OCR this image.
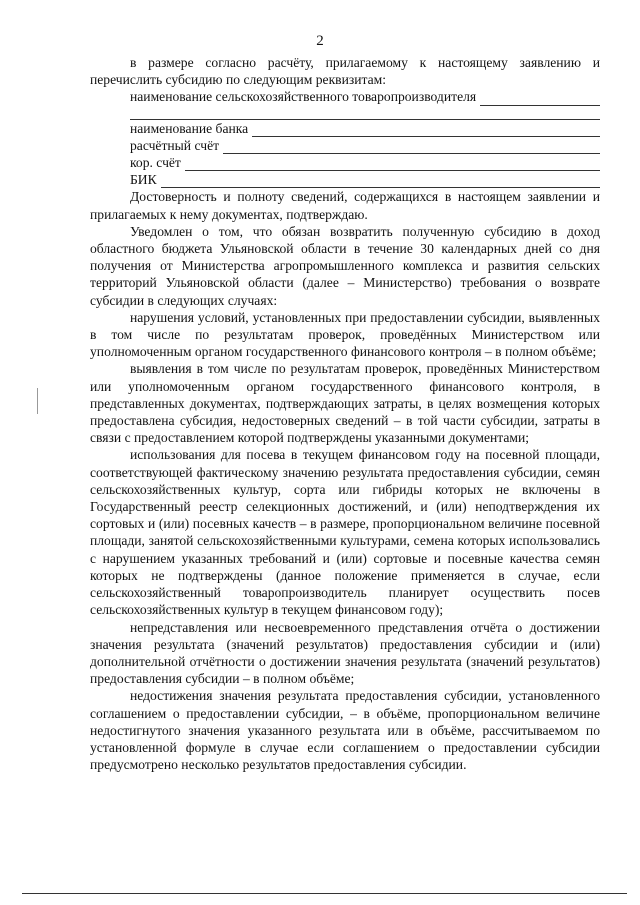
2

в размере согласно расчёту, прилагаемому к настоящему заявлению и перечислить субсидию по следующим реквизитам:

наименование сельскохозяйственного товаропроизводителя
наименование банка
расчётный счёт
кор. счёт
БИК

Достоверность и полноту сведений, содержащихся в настоящем заявлении и прилагаемых к нему документах, подтверждаю.

Уведомлен о том, что обязан возвратить полученную субсидию в доход областного бюджета Ульяновской области в течение 30 календарных дней со дня получения от Министерства агропромышленного комплекса и развития сельских территорий Ульяновской области (далее – Министерство) требования о возврате субсидии в следующих случаях:

нарушения условий, установленных при предоставлении субсидии, выявленных в том числе по результатам проверок, проведённых Министерством или уполномоченным органом государственного финансового контроля – в полном объёме;

выявления в том числе по результатам проверок, проведённых Министерством или уполномоченным органом государственного финансового контроля, в представленных документах, подтверждающих затраты, в целях возмещения которых предоставлена субсидия, недостоверных сведений – в той части субсидии, затраты в связи с предоставлением которой подтверждены указанными документами;

использования для посева в текущем финансовом году на посевной площади, соответствующей фактическому значению результата предоставления субсидии, семян сельскохозяйственных культур, сорта или гибриды которых не включены в Государственный реестр селекционных достижений, и (или) неподтверждения их сортовых и (или) посевных качеств – в размере, пропорциональном величине посевной площади, занятой сельскохозяйственными культурами, семена которых использовались с нарушением указанных требований и (или) сортовые и посевные качества семян которых не подтверждены (данное положение применяется в случае, если сельскохозяйственный товаропроизводитель планирует осуществить посев сельскохозяйственных культур в текущем финансовом году);

непредставления или несвоевременного представления отчёта о достижении значения результата (значений результатов) предоставления субсидии и (или) дополнительной отчётности о достижении значения результата (значений результатов) предоставления субсидии – в полном объёме;

недостижения значения результата предоставления субсидии, установленного соглашением о предоставлении субсидии, – в объёме, пропорциональном величине недостигнутого значения указанного результата или в объёме, рассчитываемом по установленной формуле в случае если соглашением о предоставлении субсидии предусмотрено несколько результатов предоставления субсидии.
